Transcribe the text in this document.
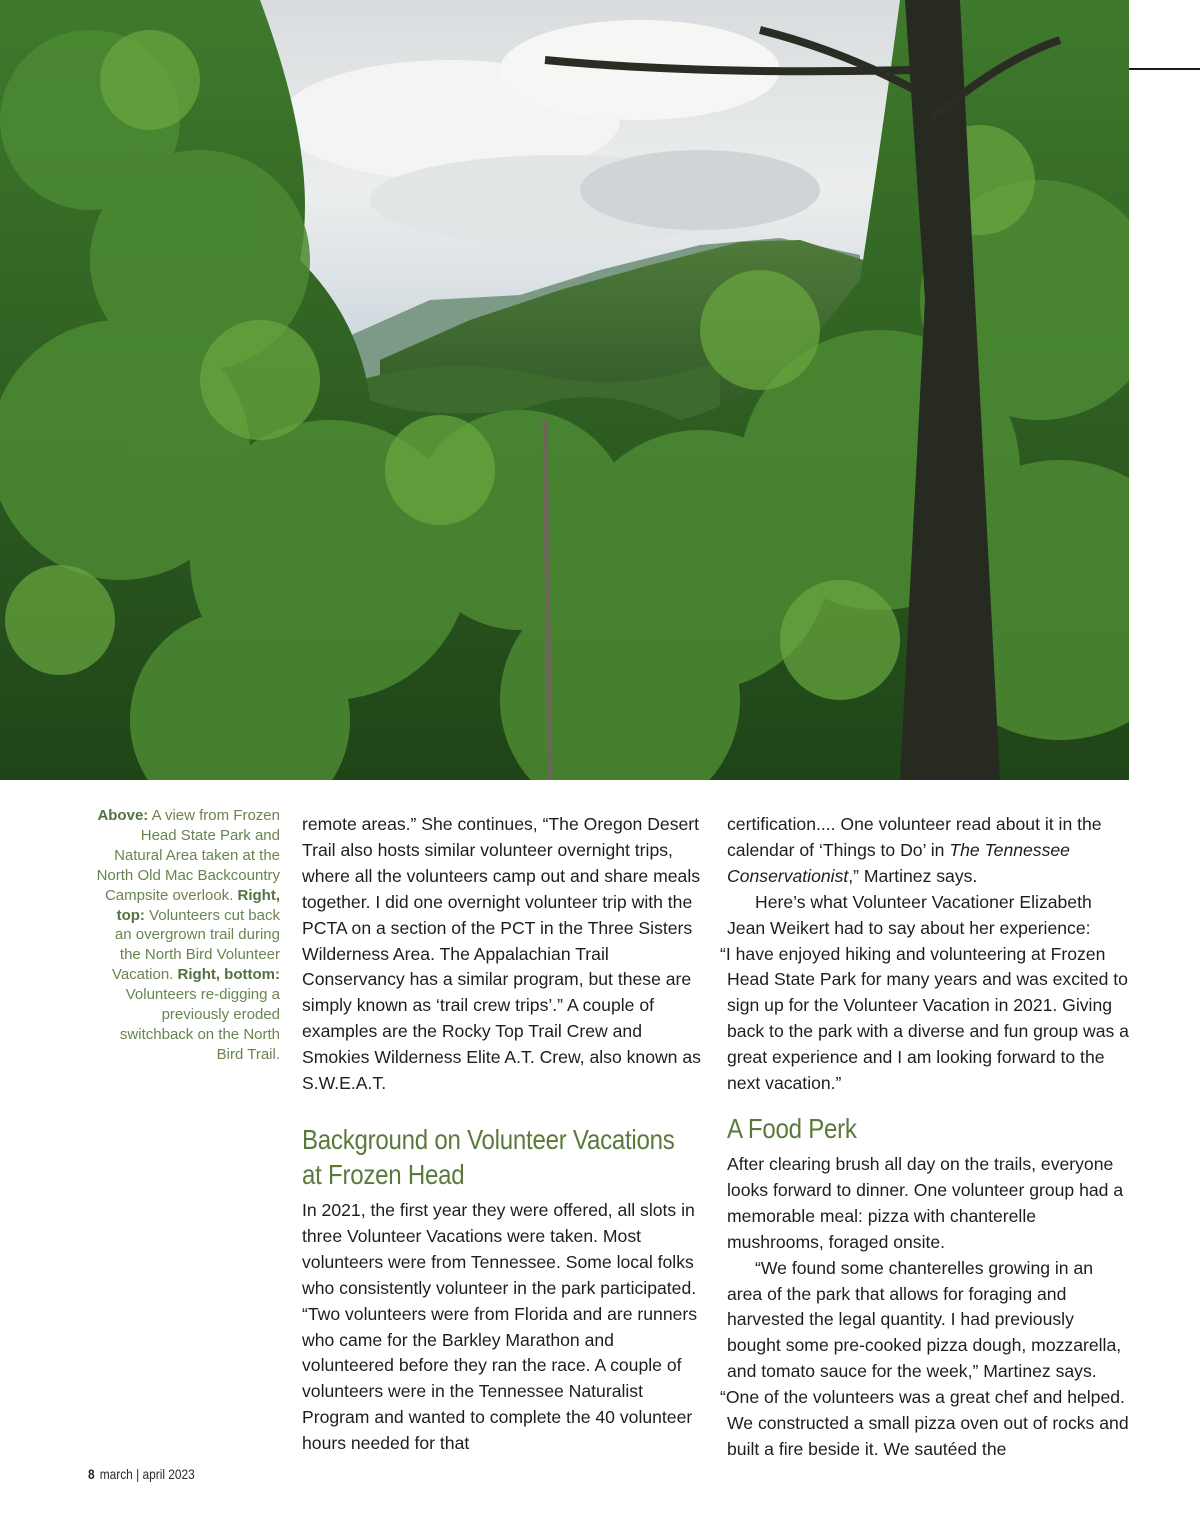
Above: A view from Frozen Head State Park and Natural Area taken at the North Old Mac Backcountry Campsite overlook. Right, top: Volunteers cut back an overgrown trail during the North Bird Volunteer Vacation. Right, bottom: Volunteers re-digging a previously eroded switchback on the North Bird Trail.

remote areas.” She continues, “The Oregon Desert Trail also hosts similar volunteer overnight trips, where all the volunteers camp out and share meals together. I did one overnight volunteer trip with the PCTA on a section of the PCT in the Three Sisters Wilderness Area. The Appalachian Trail Conservancy has a similar program, but these are simply known as ‘trail crew trips’.” A couple of examples are the Rocky Top Trail Crew and Smokies Wilderness Elite A.T. Crew, also known as S.W.E.A.T.

Background on Volunteer Vacations
at Frozen Head

In 2021, the first year they were offered, all slots in three Volunteer Vacations were taken. Most volunteers were from Tennessee. Some local folks who consistently volunteer in the park participated. “Two volunteers were from Florida and are runners who came for the Barkley Marathon and volunteered before they ran the race. A couple of volunteers were in the Tennessee Naturalist Program and wanted to complete the 40 volunteer hours needed for that

certification.... One volunteer read about it in the calendar of ‘Things to Do’ in The Tennessee Conservationist,” Martinez says.

Here’s what Volunteer Vacationer Elizabeth Jean Weikert had to say about her experience:

“I have enjoyed hiking and volunteering at Frozen Head State Park for many years and was excited to sign up for the Volunteer Vacation in 2021. Giving back to the park with a diverse and fun group was a great experience and I am looking forward to the next vacation.”

A Food Perk

After clearing brush all day on the trails, everyone looks forward to dinner. One volunteer group had a memorable meal: pizza with chanterelle mushrooms, foraged onsite.

“We found some chanterelles growing in an area of the park that allows for foraging and harvested the legal quantity. I had previously bought some pre-cooked pizza dough, mozzarella, and tomato sauce for the week,” Martinez says.

“One of the volunteers was a great chef and helped. We constructed a small pizza oven out of rocks and built a fire beside it. We sautéed the

8 march | april 2023
